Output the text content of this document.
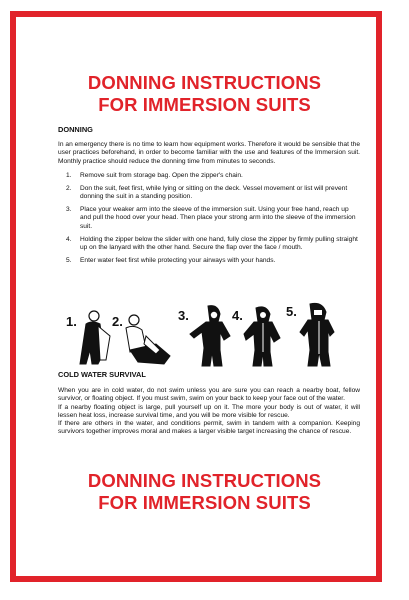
DONNING INSTRUCTIONS
FOR IMMERSION SUITS
DONNING
In an emergency there is no time to learn how equipment works. Therefore it would be sensible that the user practices beforehand, in order to become familiar with the use and features of the Immersion suit. Monthly practice should reduce the donning time from minutes to seconds.
1.	Remove suit from storage bag. Open the zipper's chain.
2.	Don the suit, feet first, while lying or sitting on the deck. Vessel movement or list will prevent donning the suit in a standing position.
3.	Place your weaker arm into the sleeve of the immersion suit. Using your free hand, reach up and pull the hood over your head. Then place your strong arm into the sleeve of the immersion suit.
4.	Holding the zipper below the slider with one hand, fully close the zipper by firmly pulling straight up on the lanyard with the other hand. Secure the flap over the face / mouth.
5.	Enter water feet first while protecting your airways with your hands.
1.	2.	3.	4.	5.
COLD WATER SURVIVAL

When you are in cold water, do not swim unless you are sure you can reach a nearby boat, fellow survivor, or floating object. If you must swim, swim on your back to keep your face out of the water.

If a nearby floating object is large, pull yourself up on it. The more your body is out of water, it will lessen heat loss, increase survival time, and you will be more visible for rescue.

If there are others in the water, and conditions permit, swim in tandem with a companion. Keeping survivors together improves moral and makes a larger visible target increasing the chance of rescue.

DONNING INSTRUCTIONS
FOR IMMERSION SUITS
